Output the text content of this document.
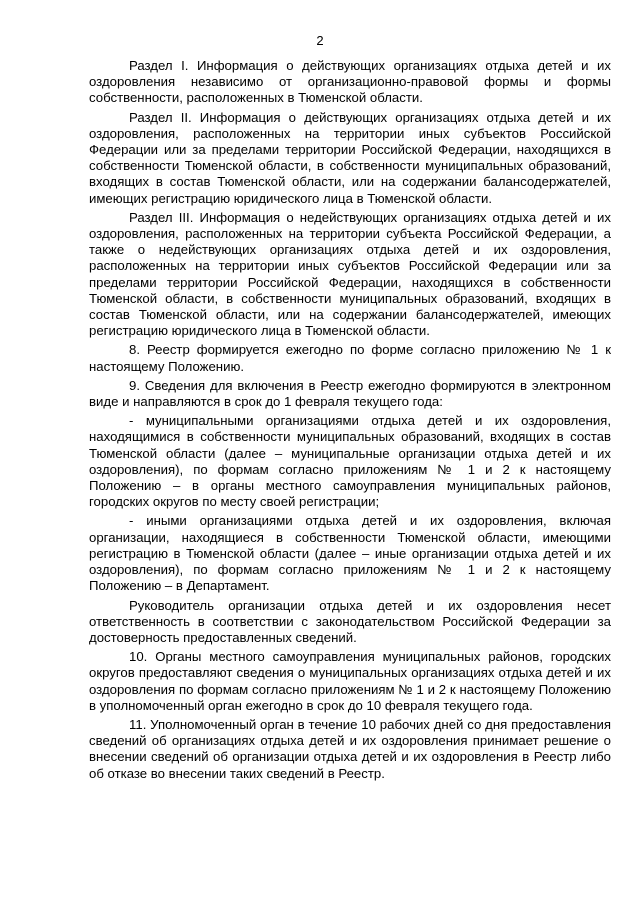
2

Раздел I. Информация о действующих организациях отдыха детей и их оздоровления независимо от организационно-правовой формы и формы собственности, расположенных в Тюменской области.

Раздел II. Информация о действующих организациях отдыха детей и их оздоровления, расположенных на территории иных субъектов Российской Федерации или за пределами территории Российской Федерации, находящихся в собственности Тюменской области, в собственности муниципальных образований, входящих в состав Тюменской области, или на содержании балансодержателей, имеющих регистрацию юридического лица в Тюменской области.

Раздел III. Информация о недействующих организациях отдыха детей и их оздоровления, расположенных на территории субъекта Российской Федерации, а также о недействующих организациях отдыха детей и их оздоровления, расположенных на территории иных субъектов Российской Федерации или за пределами территории Российской Федерации, находящихся в собственности Тюменской области, в собственности муниципальных образований, входящих в состав Тюменской области, или на содержании балансодержателей, имеющих регистрацию юридического лица в Тюменской области.

8. Реестр формируется ежегодно по форме согласно приложению № 1 к настоящему Положению.

9. Сведения для включения в Реестр ежегодно формируются в электронном виде и направляются в срок до 1 февраля текущего года:

- муниципальными организациями отдыха детей и их оздоровления, находящимися в собственности муниципальных образований, входящих в состав Тюменской области (далее – муниципальные организации отдыха детей и их оздоровления), по формам согласно приложениям № 1 и 2 к настоящему Положению – в органы местного самоуправления муниципальных районов, городских округов по месту своей регистрации;

- иными организациями отдыха детей и их оздоровления, включая организации, находящиеся в собственности Тюменской области, имеющими регистрацию в Тюменской области (далее – иные организации отдыха детей и их оздоровления), по формам согласно приложениям № 1 и 2 к настоящему Положению – в Департамент.

Руководитель организации отдыха детей и их оздоровления несет ответственность в соответствии с законодательством Российской Федерации за достоверность предоставленных сведений.

10. Органы местного самоуправления муниципальных районов, городских округов предоставляют сведения о муниципальных организациях отдыха детей и их оздоровления по формам согласно приложениям № 1 и 2 к настоящему Положению в уполномоченный орган ежегодно в срок до 10 февраля текущего года.

11. Уполномоченный орган в течение 10 рабочих дней со дня предоставления сведений об организациях отдыха детей и их оздоровления принимает решение о внесении сведений об организации отдыха детей и их оздоровления в Реестр либо об отказе во внесении таких сведений в Реестр.
